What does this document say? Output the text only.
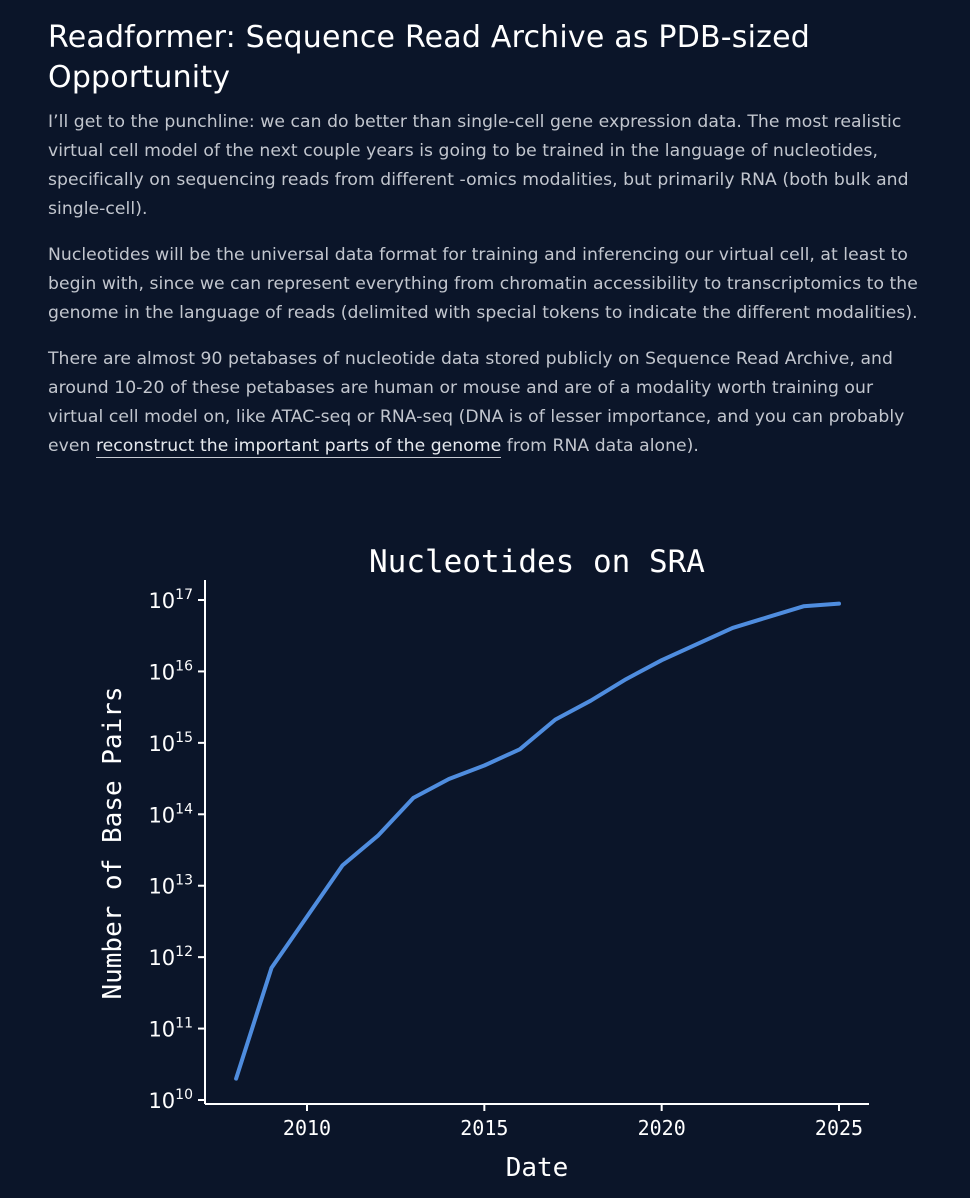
Readformer: Sequence Read Archive as PDB-sized Opportunity

I’ll get to the punchline: we can do better than single-cell gene expression data. The most realistic virtual cell model of the next couple years is going to be trained in the language of nucleotides, specifically on sequencing reads from different -omics modalities, but primarily RNA (both bulk and single-cell).

Nucleotides will be the universal data format for training and inferencing our virtual cell, at least to begin with, since we can represent everything from chromatin accessibility to transcriptomics to the genome in the language of reads (delimited with special tokens to indicate the different modalities).

There are almost 90 petabases of nucleotide data stored publicly on Sequence Read Archive, and around 10-20 of these petabases are human or mouse and are of a modality worth training our virtual cell model on, like ATAC-seq or RNA-seq (DNA is of lesser importance, and you can probably even reconstruct the important parts of the genome from RNA data alone).

Nucleotides on SRA
Number of Base Pairs
Date
2010	2015	2020	2025
$10^{10}$
$10^{11}$
$10^{12}$
$10^{13}$
$10^{14}$
$10^{15}$
$10^{16}$
$10^{17}$
